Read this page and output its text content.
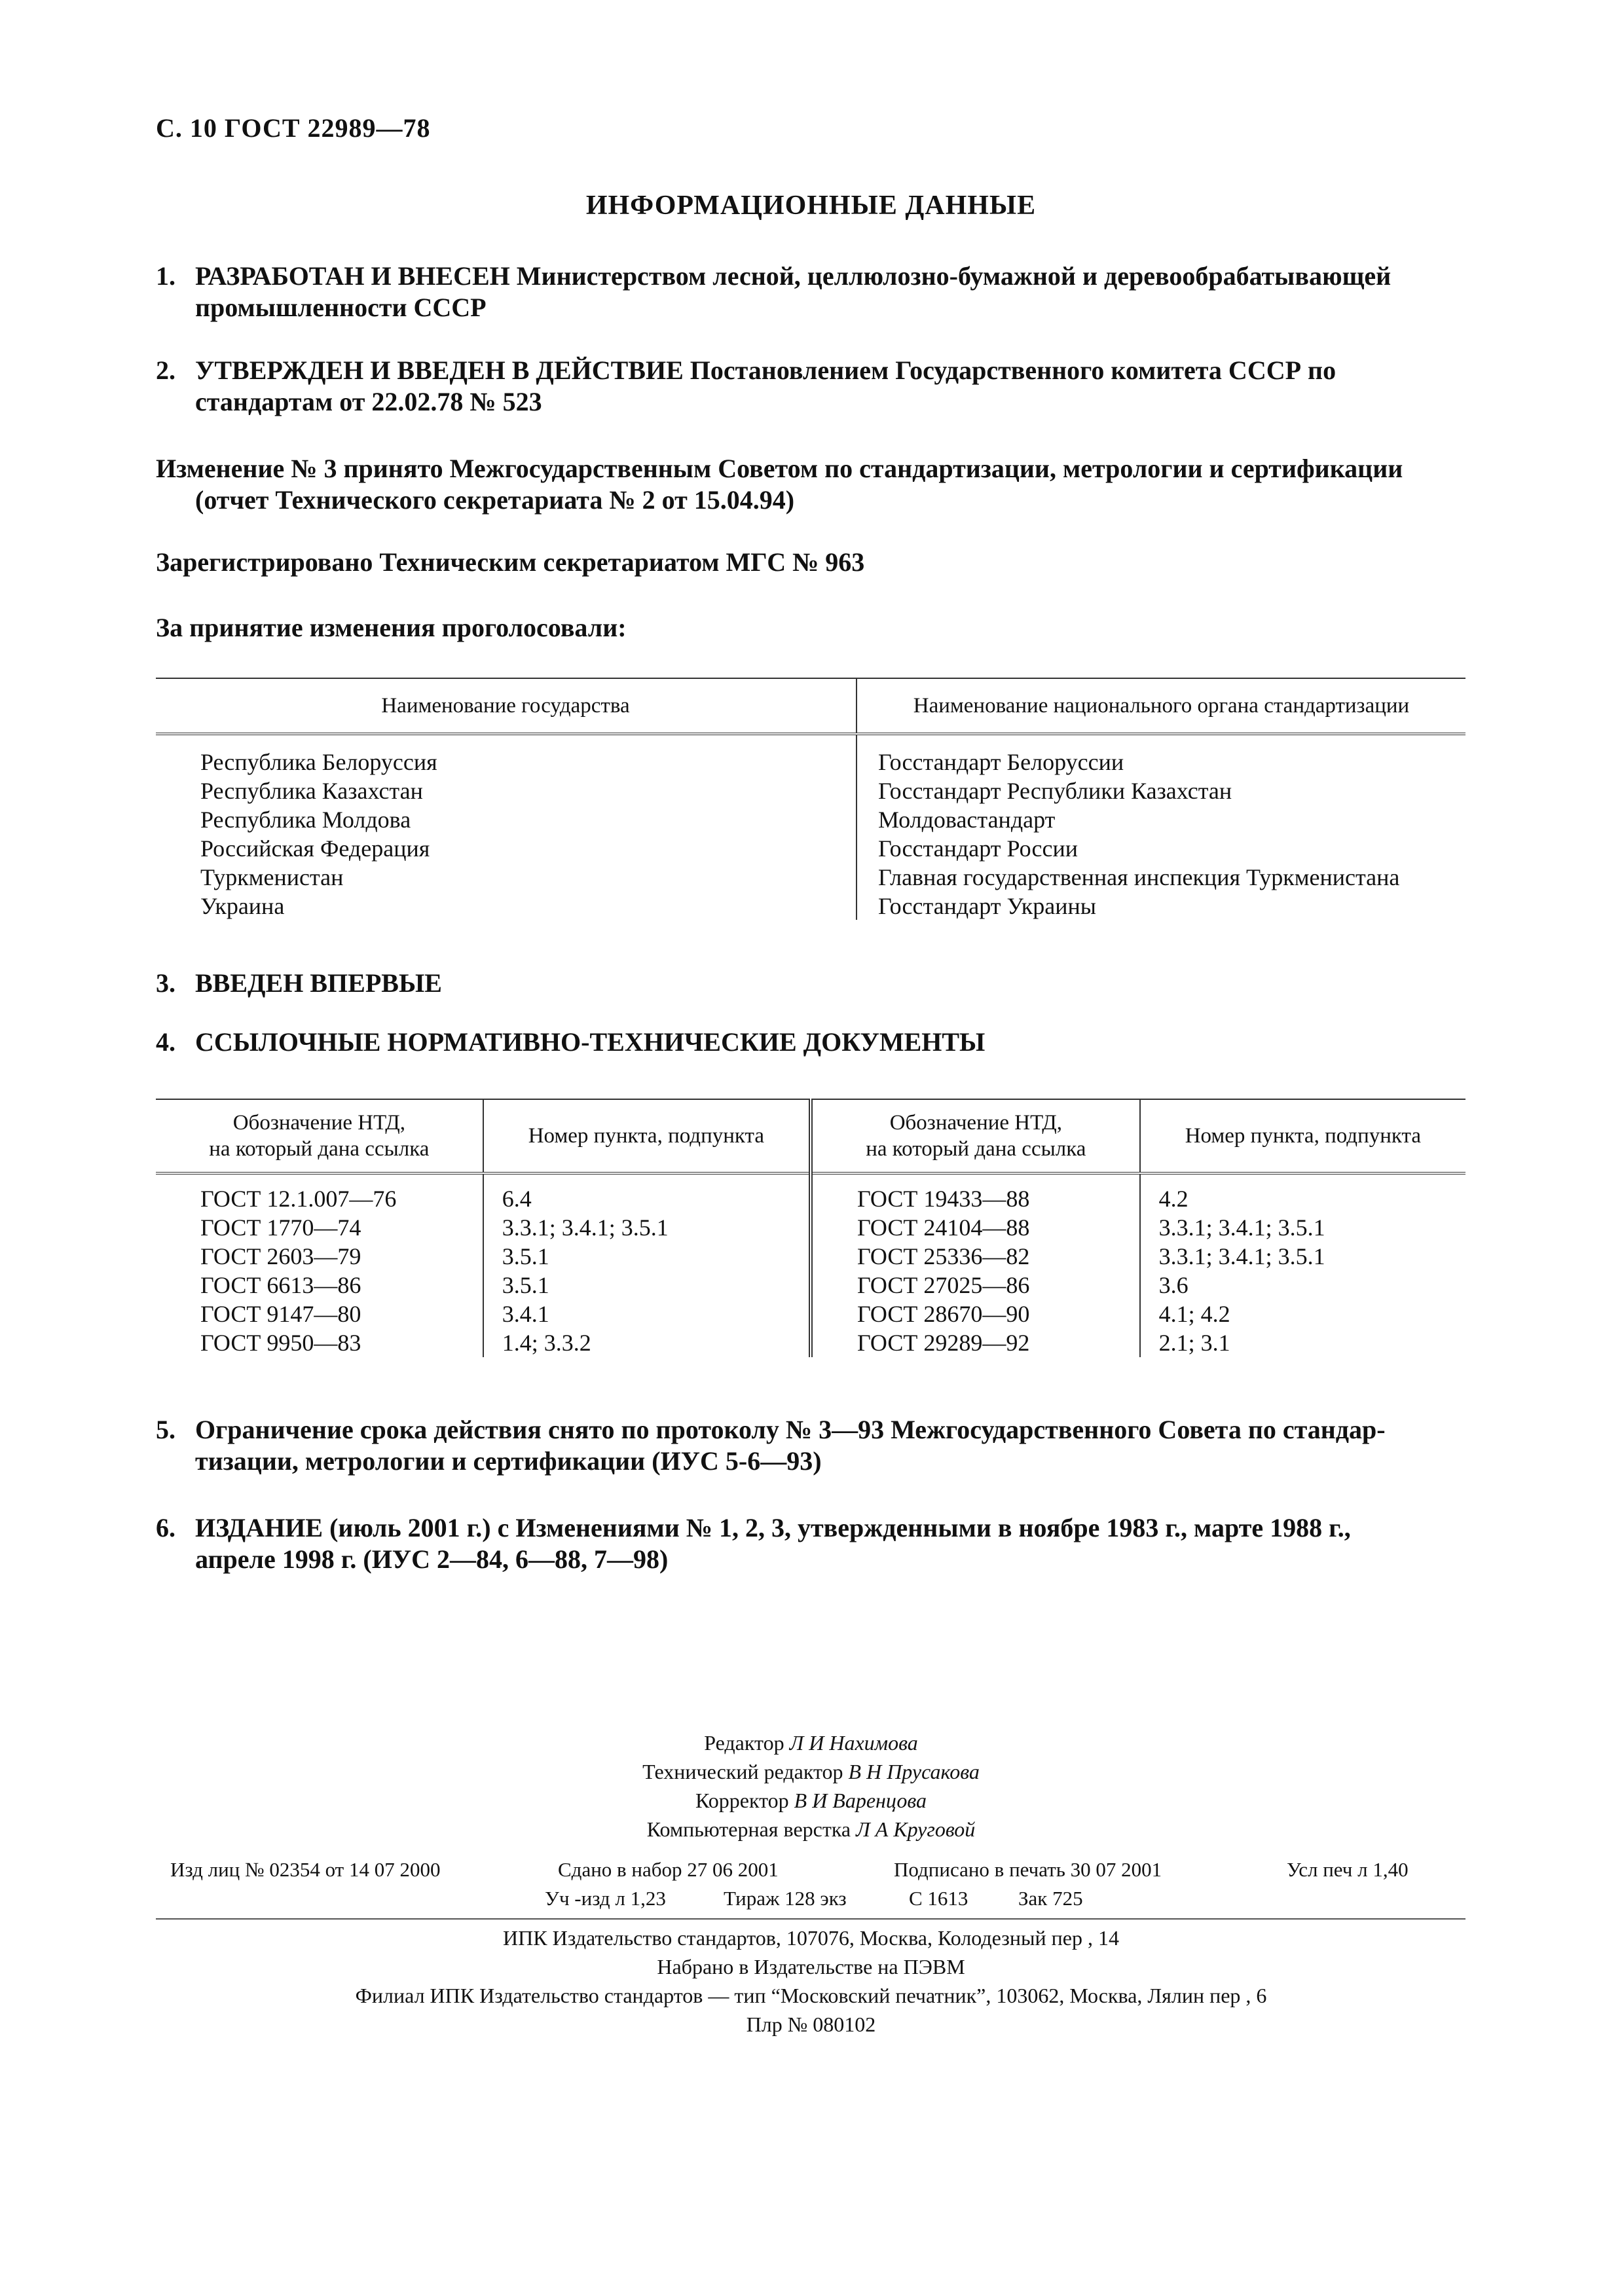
С. 10 ГОСТ 22989—78
ИНФОРМАЦИОННЫЕ ДАННЫЕ
1. РАЗРАБОТАН И ВНЕСЕН Министерством лесной, целлюлозно-бумажной и деревообрабатывающей
промышленности СССР
2. УТВЕРЖДЕН И ВВЕДЕН В ДЕЙСТВИЕ Постановлением Государственного комитета СССР по
стандартам от 22.02.78 № 523
Изменение № 3 принято Межгосударственным Советом по стандартизации, метрологии и сертификации
(отчет Технического секретариата № 2 от 15.04.94)
Зарегистрировано Техническим секретариатом МГС № 963
За принятие изменения проголосовали:
Наименование государства	Наименование национального органа стандартизации
Республика Белоруссия	Госстандарт Белоруссии
Республика Казахстан	Госстандарт Республики Казахстан
Республика Молдова	Молдовастандарт
Российская Федерация	Госстандарт России
Туркменистан	Главная государственная инспекция Туркменистана
Украина	Госстандарт Украины
3. ВВЕДЕН ВПЕРВЫЕ
4. ССЫЛОЧНЫЕ НОРМАТИВНО-ТЕХНИЧЕСКИЕ ДОКУМЕНТЫ
Обозначение НТД,
на который дана ссылка	Номер пункта, подпункта	Обозначение НТД,
на который дана ссылка	Номер пункта, подпункта
ГОСТ 12.1.007—76	6.4	ГОСТ 19433—88	4.2
ГОСТ 1770—74	3.3.1; 3.4.1; 3.5.1	ГОСТ 24104—88	3.3.1; 3.4.1; 3.5.1
ГОСТ 2603—79	3.5.1	ГОСТ 25336—82	3.3.1; 3.4.1; 3.5.1
ГОСТ 6613—86	3.5.1	ГОСТ 27025—86	3.6
ГОСТ 9147—80	3.4.1	ГОСТ 28670—90	4.1; 4.2
ГОСТ 9950—83	1.4; 3.3.2	ГОСТ 29289—92	2.1; 3.1
5. Ограничение срока действия снято по протоколу № 3—93 Межгосударственного Совета по стандар-
тизации, метрологии и сертификации (ИУС 5-6—93)
6. ИЗДАНИЕ (июль 2001 г.) с Изменениями № 1, 2, 3, утвержденными в ноябре 1983 г., марте 1988 г.,
апреле 1998 г. (ИУС 2—84, 6—88, 7—98)
Редактор Л И Нахимова
Технический редактор В Н Прусакова
Корректор В И Варенцова
Компьютерная верстка Л А Круговой
Изд лиц № 02354 от 14 07 2000	Сдано в набор 27 06 2001	Подписано в печать 30 07 2001	Усл печ л 1,40
Уч -изд л 1,23	Тираж 128 экз	С 1613 Зак 725
ИПК Издательство стандартов, 107076, Москва, Колодезный пер , 14
Набрано в Издательстве на ПЭВМ
Филиал ИПК Издательство стандартов — тип “Московский печатник”, 103062, Москва, Лялин пер , 6
Плр № 080102
